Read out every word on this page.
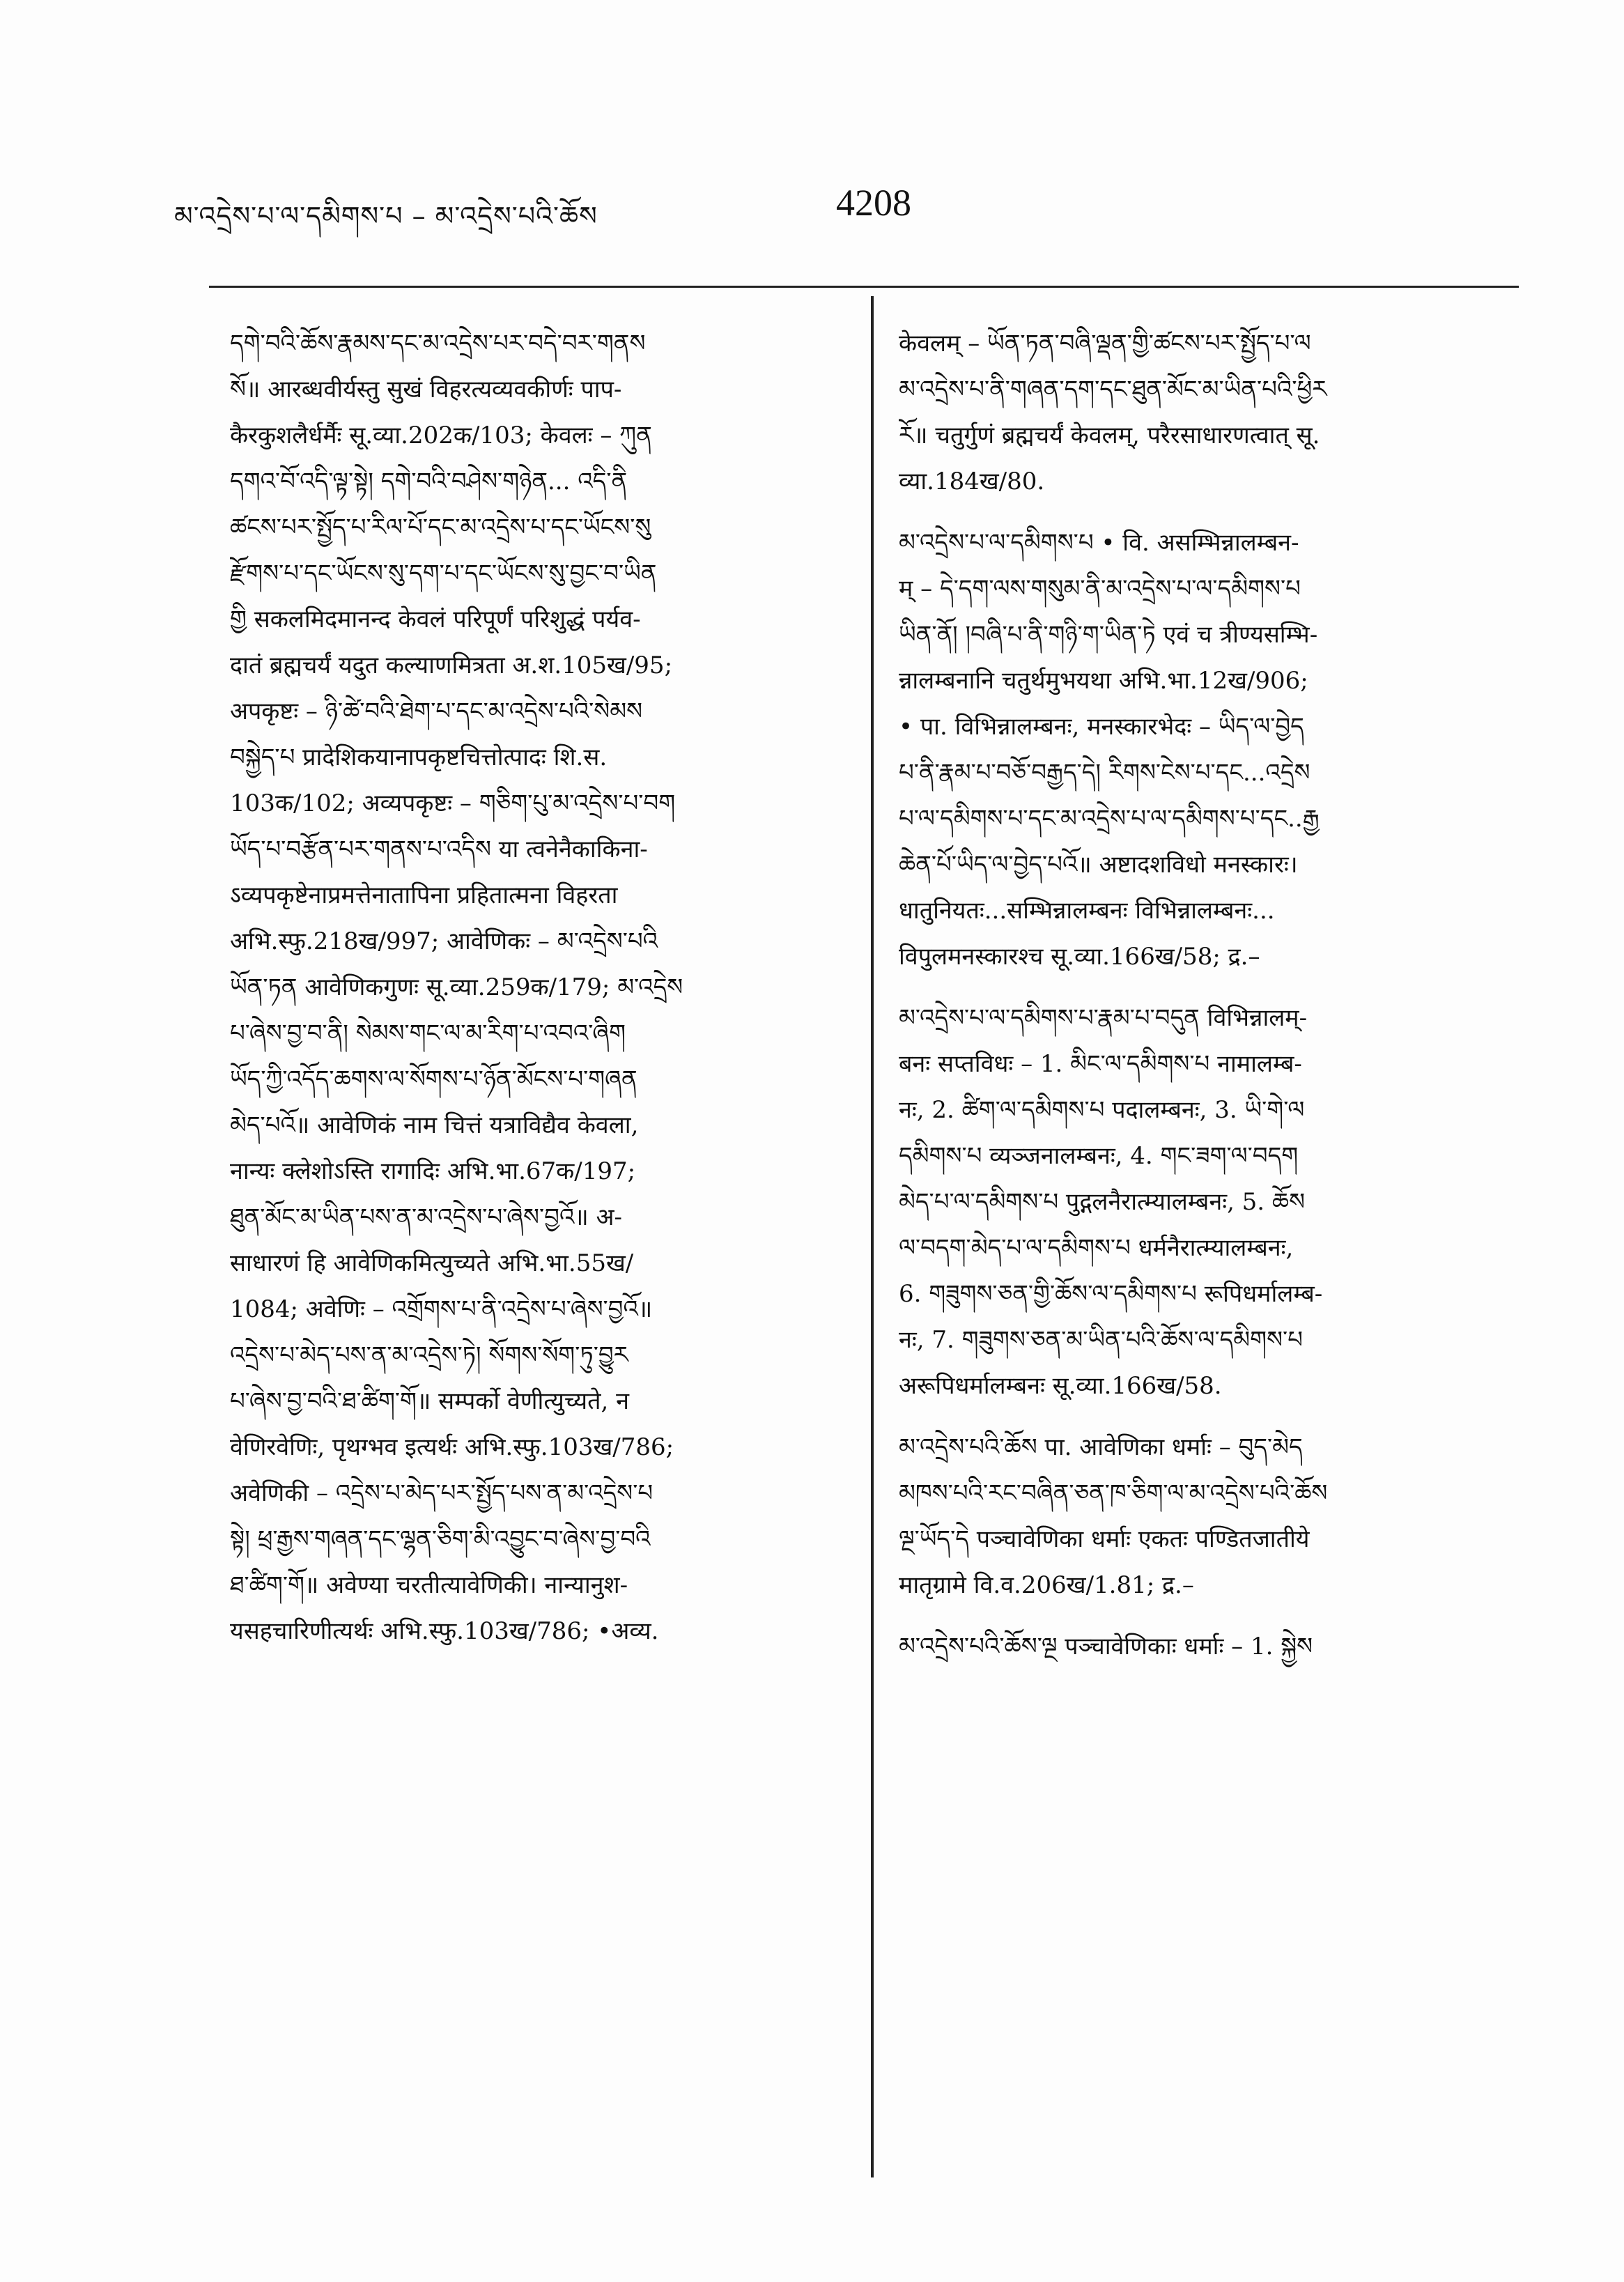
མ་འདྲེས་པ་ལ་དམིགས་པ – མ་འདྲེས་པའི་ཆོས	4208
དགེ་བའི་ཆོས་རྣམས་དང་མ་འདྲེས་པར་བདེ་བར་གནས
སོ॥ आरब्धवीर्यस्तु सुखं विहरत्यव्यवकीर्णः पाप-
कैरकुशलैर्धर्मैः सू.व्या.202क/103; केवलः – ཀུན
དགའ་བོ་འདི་ལྟ་སྟེ། དགེ་བའི་བཤེས་གཉེན... འདི་ནི
ཚངས་པར་སྤྱོད་པ་རིལ་པོ་དང་མ་འདྲེས་པ་དང་ཡོངས་སུ
རྫོགས་པ་དང་ཡོངས་སུ་དག་པ་དང་ཡོངས་སུ་བྱང་བ་ཡིན
གྱི सकलमिदमानन्द केवलं परिपूर्णं परिशुद्धं पर्यव-
दातं ब्रह्मचर्यं यदुत कल्याणमित्रता अ.श.105ख/95;
अपकृष्टः – ཉི་ཚེ་བའི་ཐེག་པ་དང་མ་འདྲེས་པའི་སེམས
བསྐྱེད་པ प्रादेशिकयानापकृष्टचित्तोत्पादः शि.स.
103क/102; अव्यपकृष्टः – གཅིག་པུ་མ་འདྲེས་པ་བག
ཡོད་པ་བརྩོན་པར་གནས་པ་འདིས या त्वनेनैकाकिना-
ऽव्यपकृष्टेनाप्रमत्तेनातापिना प्रहितात्मना विहरता
अभि.स्फु.218ख/997; आवेणिकः – མ་འདྲེས་པའི
ཡོན་ཏན आवेणिकगुणः सू.व्या.259क/179; མ་འདྲེས
པ་ཞེས་བྱ་བ་ནི། སེམས་གང་ལ་མ་རིག་པ་འབའ་ཞིག
ཡོད་ཀྱི་འདོད་ཆགས་ལ་སོགས་པ་ཉོན་མོངས་པ་གཞན
མེད་པའོ॥ आवेणिकं नाम चित्तं यत्राविद्यैव केवला,
नान्यः क्लेशोऽस्ति रागादिः अभि.भा.67क/197;
ཐུན་མོང་མ་ཡིན་པས་ན་མ་འདྲེས་པ་ཞེས་བྱའོ॥ अ-
साधारणं हि आवेणिकमित्युच्यते अभि.भा.55ख/
1084; अवेणिः – འགྲོགས་པ་ནི་འདྲེས་པ་ཞེས་བྱའོ॥
འདྲེས་པ་མེད་པས་ན་མ་འདྲེས་ཏེ། སོགས་སོག་ཏུ་བྱུར
པ་ཞེས་བྱ་བའི་ཐ་ཚིག་གོ॥ सम्पर्को वेणीत्युच्यते, न
वेणिरवेणिः, पृथग्भव इत्यर्थः अभि.स्फु.103ख/786;
अवेणिकी – འདྲེས་པ་མེད་པར་སྤྱོད་པས་ན་མ་འདྲེས་པ
སྟེ། ཕྲ་རྒྱས་གཞན་དང་ལྷན་ཅིག་མི་འབྱུང་བ་ཞེས་བྱ་བའི
ཐ་ཚིག་གོ॥ अवेण्या चरतीत्यावेणिकी। नान्यानुश-
यसहचारिणीत्यर्थः अभि.स्फु.103ख/786; •अव्य.
केवलम् – ཡོན་ཏན་བཞི་ལྡན་གྱི་ཚངས་པར་སྤྱོད་པ་ལ
མ་འདྲེས་པ་ནི་གཞན་དག་དང་ཐུན་མོང་མ་ཡིན་པའི་ཕྱིར
རོ॥ चतुर्गुणं ब्रह्मचर्यं केवलम्, परैरसाधारणत्वात् सू.
व्या.184ख/80.
མ་འདྲེས་པ་ལ་དམིགས་པ • वि. असम्भिन्नालम्बन-
म् – དེ་དག་ལས་གསུམ་ནི་མ་འདྲེས་པ་ལ་དམིགས་པ
ཡིན་ནོ། །བཞི་པ་ནི་གཉི་ག་ཡིན་ཏེ एवं च त्रीण्यसम्भि-
न्नालम्बनानि चतुर्थमुभयथा अभि.भा.12ख/906;
• पा. विभिन्नालम्बनः, मनस्कारभेदः – ཡིད་ལ་བྱེད
པ་ནི་རྣམ་པ་བཅོ་བརྒྱད་དེ། རིགས་ངེས་པ་དང...འདྲེས
པ་ལ་དམིགས་པ་དང་མ་འདྲེས་པ་ལ་དམིགས་པ་དང..རྒྱ
ཆེན་པོ་ཡིད་ལ་བྱེད་པའོ॥ अष्टादशविधो मनस्कारः।
धातुनियतः...सम्भिन्नालम्बनः विभिन्नालम्बनः...
विपुलमनस्कारश्च सू.व्या.166ख/58; द्र.–
མ་འདྲེས་པ་ལ་དམིགས་པ་རྣམ་པ་བདུན विभिन्नालम्-
बनः सप्तविधः – 1. མིང་ལ་དམིགས་པ नामालम्ब-
नः, 2. ཚིག་ལ་དམིགས་པ पदालम्बनः, 3. ཡི་གེ་ལ
དམིགས་པ व्यञ्जनालम्बनः, 4. གང་ཟག་ལ་བདག
མེད་པ་ལ་དམིགས་པ पुद्गलनैरात्म्यालम्बनः, 5. ཆོས
ལ་བདག་མེད་པ་ལ་དམིགས་པ धर्मनैरात्म्यालम्बनः,
6. གཟུགས་ཅན་གྱི་ཆོས་ལ་དམིགས་པ रूपिधर्मालम्ब-
नः, 7. གཟུགས་ཅན་མ་ཡིན་པའི་ཆོས་ལ་དམིགས་པ
अरूपिधर्मालम्बनः सू.व्या.166ख/58.
མ་འདྲེས་པའི་ཆོས पा. आवेणिका धर्माः – བུད་མེད
མཁས་པའི་རང་བཞིན་ཅན་ཁ་ཅིག་ལ་མ་འདྲེས་པའི་ཆོས
ལྔ་ཡོད་དེ पञ्चावेणिका धर्माः एकतः पण्डितजातीये
मातृग्रामे वि.व.206ख/1.81; द्र.–
མ་འདྲེས་པའི་ཆོས་ལྔ पञ्चावेणिकाः धर्माः – 1. སྐྱེས
